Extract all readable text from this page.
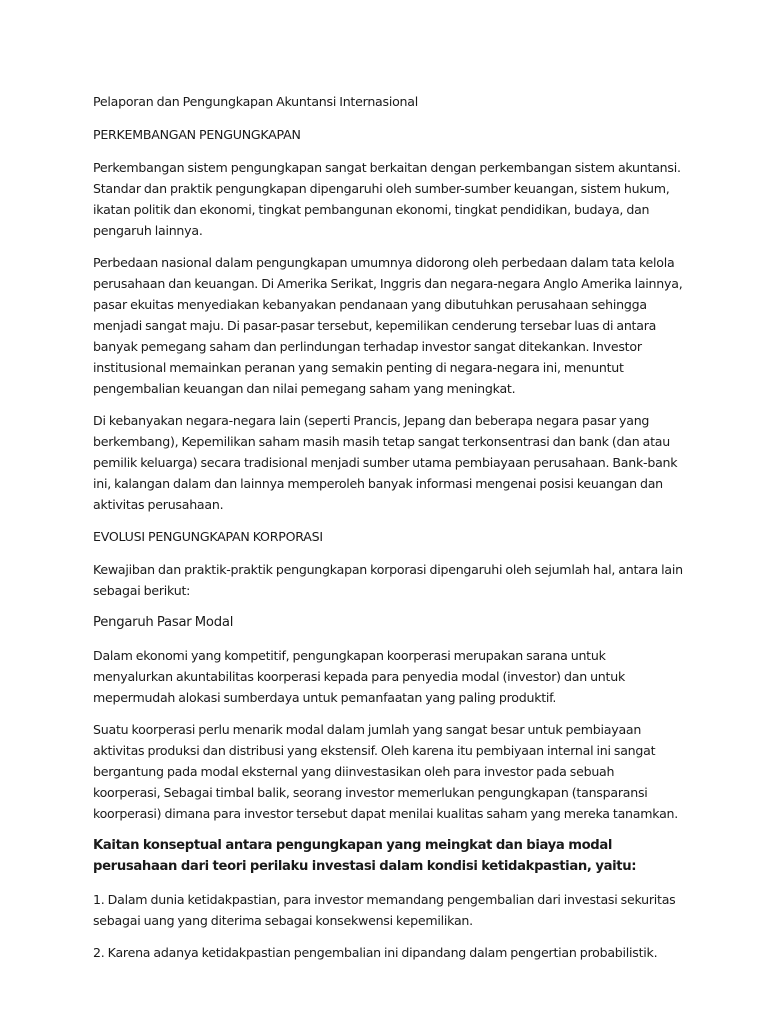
Pelaporan dan Pengungkapan Akuntansi Internasional

PERKEMBANGAN PENGUNGKAPAN

Perkembangan sistem pengungkapan sangat berkaitan dengan perkembangan sistem akuntansi. Standar dan praktik pengungkapan dipengaruhi oleh sumber-sumber keuangan, sistem hukum, ikatan politik dan ekonomi, tingkat pembangunan ekonomi, tingkat pendidikan, budaya, dan pengaruh lainnya.

Perbedaan nasional dalam pengungkapan umumnya didorong oleh perbedaan dalam tata kelola perusahaan dan keuangan. Di Amerika Serikat, Inggris dan negara-negara Anglo Amerika lainnya, pasar ekuitas menyediakan kebanyakan pendanaan yang dibutuhkan perusahaan sehingga menjadi sangat maju. Di pasar-pasar tersebut, kepemilikan cenderung tersebar luas di antara banyak pemegang saham dan perlindungan terhadap investor sangat ditekankan. Investor institusional memainkan peranan yang semakin penting di negara-negara ini, menuntut pengembalian keuangan dan nilai pemegang saham yang meningkat.

Di kebanyakan negara-negara lain (seperti Prancis, Jepang dan beberapa negara pasar yang berkembang), Kepemilikan saham masih masih tetap sangat terkonsentrasi dan bank (dan atau pemilik keluarga) secara tradisional menjadi sumber utama pembiayaan perusahaan. Bank-bank ini, kalangan dalam dan lainnya memperoleh banyak informasi mengenai posisi keuangan dan aktivitas perusahaan.

EVOLUSI PENGUNGKAPAN KORPORASI

Kewajiban dan praktik-praktik pengungkapan korporasi dipengaruhi oleh sejumlah hal, antara lain sebagai berikut:

Pengaruh Pasar Modal

Dalam ekonomi yang kompetitif, pengungkapan koorperasi merupakan sarana untuk menyalurkan akuntabilitas koorperasi kepada para penyedia modal (investor) dan untuk mepermudah alokasi sumberdaya untuk pemanfaatan yang paling produktif.

Suatu koorperasi perlu menarik modal dalam jumlah yang sangat besar untuk pembiayaan aktivitas produksi dan distribusi yang ekstensif. Oleh karena itu pembiyaan internal ini sangat bergantung pada modal eksternal yang diinvestasikan oleh para investor pada sebuah koorperasi, Sebagai timbal balik, seorang investor memerlukan pengungkapan (tansparansi koorperasi) dimana para investor tersebut dapat menilai kualitas saham yang mereka tanamkan.

Kaitan konseptual antara pengungkapan yang meingkat dan biaya modal perusahaan dari teori perilaku investasi dalam kondisi ketidakpastian, yaitu:

1. Dalam dunia ketidakpastian, para investor memandang pengembalian dari investasi sekuritas sebagai uang yang diterima sebagai konsekwensi kepemilikan.

2. Karena adanya ketidakpastian pengembalian ini dipandang dalam pengertian probabilistik.
